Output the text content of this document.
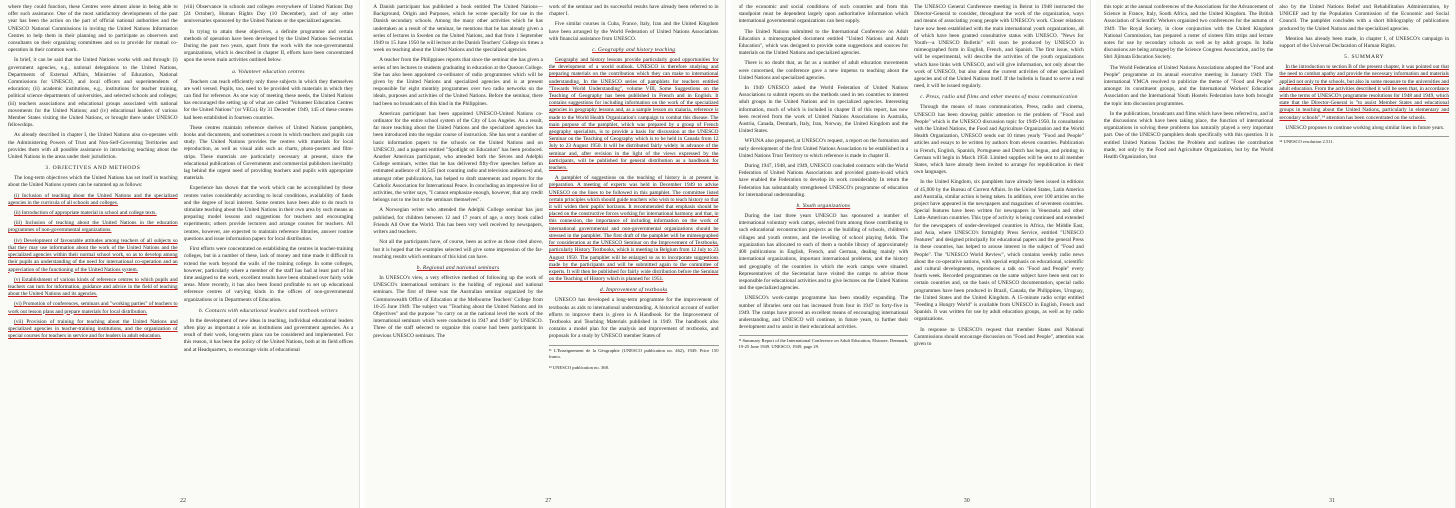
where they could function, these Centres were almost alone in being able to offer such assistance. One of the most satisfactory developments of the past year has been the action on the part of official national authorities and the UNESCO National Commissions in inviting the United Nations Information Centres to help them in their planning and to participate as observers and consultants on their organizing committees and so to provide for mutual co-operation in their common work.

In brief, it can be said that the United Nations works with and through: (i) government agencies, e.g., national delegations to the United Nations, Departments of External Affairs, Ministries of Education, National Commissions for UNESCO, and local officers and superintendents of education; (ii) academic institutions, e.g., institutions for teacher training, political science departments of universities, and selected schools and colleges; (iii) teachers associations and educational groups associated with national movements for the United Nations; and (iv) educational leaders of various Member States visiting the United Nations, or brought there under UNESCO fellowships.

As already described in chapter I, the United Nations also co-operates with the Administering Powers of Trust and Non-Self-Governing Territories and provides them with all possible assistance in introducing teaching about the United Nations in the areas under their jurisdiction.

3. OBJECTIVES AND METHODS

The long-term objectives which the United Nations has set itself in teaching about the United Nations system can be summed up as follows:

(i) Inclusion of teaching about the United Nations and the specialized agencies in the curricula of all schools and colleges.

(ii) Introduction of appropriate material in school and college texts.

(iii) Inclusion of teaching about the United Nations in the education programmes of non-governmental organizations.

(iv) Development of favourable attitudes among teachers of all subjects so that they may use information about the work of the United Nations and the specialized agencies within their normal school work, so as to develop among their pupils an understanding of the need for international co-operation and an appreciation of the functioning of the United Nations system.

(v) Establishment of various kinds of reference centres to which pupils and teachers can turn for information, guidance and advice in the field of teaching about the United Nations and its agencies.

(vi) Promotion of conferences, seminars and "working parties" of teachers to work out lesson plans and prepare materials for local distribution.

(vii) Provision of training for teaching about the United Nations and specialized agencies in teacher-training institutions, and the organization of special courses for teachers in service and for leaders in adult education.

(viii) Observance in schools and colleges everywhere of United Nations Day (24 October), Human Rights Day (10 December), and of any other anniversaries sponsored by the United Nations or the specialized agencies.

In trying to attain these objectives, a definite programme and certain methods of operation have been developed by the United Nations Secretariat. During the past two years, apart from the work with the non-governmental organizations, which is described in chapter II, efforts have been concentrated upon the seven main activities outlined below.

a. Volunteer education centres

Teachers can teach efficiently only those subjects in which they themselves are well versed. Pupils, too, need to be provided with materials in which they can find for reference. As one way of meeting these needs, the United Nations has encouraged the setting up of what are called "Volunteer Education Centres for the United Nations" (or VECs). By 31 December 1949, 145 of these centres had been established in fourteen countries.

These centres maintain reference shelves of United Nations pamphlets, books and documents, and sometimes a room in which teachers and pupils can study. The United Nations provides the centres with materials for local reproduction, as well as visual aids such as charts, photo-posters and film-strips. These materials are particularly necessary at present, since the educational publications of Governments and commercial publishers inevitably lag behind the urgent need of providing teachers and pupils with appropriate materials.

Experience has shown that the work which can be accomplished by these centres varies considerably according to local conditions, availability of funds and the degree of local interest. Some centres have been able to do much to stimulate teaching about the United Nations in their own area by such means as preparing model lessons and suggestions for teachers and encouraging experiments; others provide lecturers and arrange courses for teachers. All centres, however, are expected to maintain reference libraries, answer routine questions and issue information papers for local distribution.

First efforts were concentrated on establishing the centres in teacher-training colleges, but in a number of these, lack of money and time made it difficult to extend the work beyond the walls of the training college. In some colleges, however, particularly where a member of the staff has had at least part of his time assigned to the work, excellent results have been obtained over fairly wide areas. More recently, it has also been found profitable to set up educational reference centres of varying kinds in the offices of non-governmental organizations or in Departments of Education.

b. Contacts with educational leaders and textbook writers

In the development of new ideas in teaching, individual educational leaders often play as important a role as institutions and government agencies. As a result of their work, long-term plans can be considered and implemented. For this reason, it has been the policy of the United Nations, both at its field offices and at Headquarters, to encourage visits of educational

22

A Danish participant has published a book entitled The United Nations—Background, Origin and Purposes, which he wrote specially for use in the Danish secondary schools. Among the many other activities which he has undertaken as a result of the seminar, he mentions that he has already given a series of lectures in Sweden on the United Nations, and that from 1 September 1949 to 15 June 1950 he will lecture at the Danish Teachers' College six times a week on teaching about the United Nations and the specialized agencies.

A teacher from the Philippines reports that since the seminar she has given a series of ten lectures to students graduating in education at the Quezon College. She has also been appointed co-ordinator of radio programmes which will be given by the United Nations and specialized agencies and is at present responsible for eight monthly programmes over two radio networks on the ideals, purposes and activities of the United Nations. Before the seminar, there had been no broadcasts of this kind in the Philippines.

American participant has been appointed UNESCO-United Nations co-ordinator for the entire school system of the City of Los Angeles. As a result, far more teaching about the United Nations and the specialized agencies has been introduced into the regular course of instruction. She has sent a number of basic information papers to the schools on the United Nations and on UNESCO, and a pageant entitled "Spotlight on Education" has been produced. Another American participant, who attended both the Sèvres and Adelphi College seminars, writes that he has delivered fifty-five speeches before an estimated audience of 10,545 (not counting radio and television audiences) and, amongst other publications, has helped to draft statements and reports for the Catholic Association for International Peace. In concluding an impressive list of activities, the writer says, "I cannot emphasize enough, however, that any credit belongs not to me but to the seminars themselves".

A Norwegian writer who attended the Adelphi College seminar has just published, for children between 12 and 17 years of age, a story book called Friends All Over the World. This has been very well received by newspapers, writers and teachers.

Not all the participants have, of course, been as active as those cited above, but it is hoped that the examples selected will give some impression of the far-reaching results which seminars of this kind can have.

b. Regional and national seminars

In UNESCO's view, a very effective method of following up the work of UNESCO's international seminars is the holding of regional and national seminars. The first of these was the Australian seminar organized by the Commonwealth Office of Education at the Melbourne Teachers' College from 10-25 June 1949. The subject was "Teaching about the United Nations and its Objectives" and the purpose "to carry on at the national level the work of the international seminars which were conducted in 1947 and 1948" by UNESCO. Three of the staff selected to organize this course had been participants in previous UNESCO seminars. The

work of the seminar and its successful results have already been referred to in chapter I.

Five similar courses in Cuba, France, Italy, Iran and the United Kingdom have been arranged by the World Federation of United Nations Associations with financial assistance from UNESCO.

c. Geography and history teaching

Geography and history lessons provide particularly good opportunities for the development of a world outlook. UNESCO is therefore studying and preparing materials on the contribution which they can make to international understanding. In the UNESCO series of pamphlets for teachers entitled "Towards World Understanding", volume VIII, Some Suggestions on the Teaching of Geography has been published in French and in English. It contains suggestions for including information on the work of the specialized agencies in geography lessons and, as a sample lesson on malaria, reference is made to the World Health Organization's campaign to combat this disease. The main purpose of the pamphlet, which was prepared by a group of French geography specialists, is to provide a basis for discussion at the UNESCO Seminar on the Teaching of Geography which is to be held in Canada from 12 July to 23 August 1950. It will be distributed fairly widely in advance of the seminar and, after revision in the light of the views expressed by the participants, will be published for general distribution as a handbook for teachers.

A pamphlet of suggestions on the teaching of history is at present in preparation. A meeting of experts was held in December 1949 to advise UNESCO on the lines to be followed in this pamphlet. The committee listed certain principles which should guide teachers who wish to teach history so that it will widen their pupils' horizons. It recommended that emphasis should be placed on the constructive forces working for international harmony and that, in this connexion, the importance of including information on the work of international governmental and non-governmental organizations should be stressed in the pamphlet. The first draft of the pamphlet will be mimeographed for consideration at the UNESCO Seminar on the Improvement of Textbooks, particularly History Textbooks, which is meeting in Belgium from 12 July to 23 August 1950. The pamphlet will be enlarged so as to incorporate suggestions made by the participants and will be submitted again to the committee of experts. It will then be published for fairly wide distribution before the Seminar on the Teaching of History which is planned for 1951.

d. Improvement of textbooks

UNESCO has developed a long-term programme for the improvement of textbooks as aids to international understanding. A historical account of earlier efforts to improve them is given in A Handbook for the Improvement of Textbooks and Teaching Materials published in 1949. The handbook also contains a model plan for the analysis and improvement of textbooks, and proposals for a study by UNESCO member States of

¹¹ L'Enseignement de la Géographie (UNESCO publication no. 462), 1949. Price 150 francs.

¹² UNESCO publication no. 368.

27

of the economic and social conditions of such countries and from this standpoint must be dependent largely upon authoritative information which international governmental organizations can best supply.

The United Nations submitted to the International Conference on Adult Education a mimeographed document entitled "United Nations and Adult Education", which was designed to provide some suggestions and sources for materials on the United Nations and specialized agencies.

There is no doubt that, as far as a number of adult education movements were concerned, the conference gave a new impetus to teaching about the United Nations and specialized agencies.

In 1949 UNESCO asked the World Federation of United Nations Associations to submit reports on the methods used in ten countries to interest adult groups in the United Nations and its specialized agencies. Interesting information, much of which is included in chapter II of this report, has now been received from the work of United Nations Associations in Australia, Austria, Canada, Denmark, Italy, Iran, Norway, the United Kingdom and the United States.

WFUNA also prepared, at UNESCO's request, a report on the formation and early development of the first United Nations Association to be established in a United Nations Trust Territory to which reference is made in chapter II.

During 1947, 1948, and 1949, UNESCO concluded contracts with the World Federation of United Nations Associations and provided grants-in-aid which have enabled the Federation to develop its work considerably. In return the Federation has substantially strengthened UNESCO's programme of education for international understanding.

b. Youth organizations

During the last three years UNESCO has sponsored a number of international voluntary work camps, selected from among those contributing to such educational reconstruction projects as the building of schools, children's villages and youth centres, and the levelling of school playing fields. The organization has allocated to each of them a mobile library of approximately 400 publications in English, French, and German, dealing mainly with international organizations, important international problems, and the history and geography of the countries in which the work camps were situated. Representatives of the Secretariat have visited the camps to advise those responsible for educational activities and to give lectures on the United Nations and the specialized agencies.

UNESCO's work-camps programme has been steadily expanding. The number of libraries sent out has increased from four in 1947 to forty-five in 1949. The camps have proved an excellent means of encouraging international understanding, and UNESCO will continue, in future years, to further their development and to assist in their educational activities.

¹³ Summary Report of the International Conference on Adult Education, Elsinore, Denmark, 19-25 June 1949. UNESCO, 1949, page 29.

The UNESCO General Conference meeting in Beirut in 1948 instructed the Director-General to consider, throughout the work of the organization, ways and means of associating young people with UNESCO's work. Closer relations have now been established with the main international youth organizations, all of which have been granted consultative status with UNESCO. "News for Youth—a UNESCO Bulletin" will soon be produced by UNESCO in mimeographed form in English, French, and Spanish. The first issue, which will be experimental, will describe the activities of the youth organizations which have links with UNESCO, and will give information, not only about the work of UNESCO, but also about the current activities of other specialized agencies and of the United Nations itself. If the bulletin is found to serve a real need, it will be issued regularly.

c. Press, radio and films and other means of mass communication

Through the means of mass communication, Press, radio and cinema, UNESCO has been drawing public attention to the problem of "Food and People" which is the UNESCO discussion topic for 1949-1950. In consultation with the United Nations, the Food and Agriculture Organization and the World Health Organization, UNESCO sends out 10 times yearly "Food and People" articles and essays to be written by authors from eleven countries. Publication in French, English, Spanish, Portuguese and Dutch has begun, and printing in German will begin in March 1950. Limited supplies will be sent to all member States, which have already been invited to arrange for republication in their own languages.

In the United Kingdom, six pamphlets have already been issued in editions of 45,000 by the Bureau of Current Affairs. In the United States, Latin America and Australia, similar action is being taken. In addition, over 100 articles on the project have appeared in the newspapers and magazines of seventeen countries. Special features have been written for newspapers in Venezuela and other Latin-American countries. This type of activity is being continued and extended for the newspapers of under-developed countries in Africa, the Middle East, and Asia, where UNESCO's fortnightly Press Service, entitled "UNESCO Features" and designed principally for educational papers and the general Press in these countries, has helped to arouse interest in the subject of "Food and People". The "UNESCO World Review", which contains weekly radio news about the co-operative nations, with special emphasis on educational, scientific and cultural developments, reproduces a talk on "Food and People" every fourth week. Recorded programmes on the same subject have been sent out to certain countries and, on the basis of UNESCO documentation, special radio programmes have been produced in Brazil, Canada, the Philippines, Uruguay, the United States and the United Kingdom. A 15-minute radio script entitled "Feeding a Hungry World" is available from UNESCO in English, French and Spanish. It was written for use by adult education groups, as well as by radio organizations.

In response to UNESCO's request that member States and National Commissions should encourage discussion on "Food and People", attention was given to

30

this topic at the annual conferences of the Associations for the Advancement of Science in France, Italy, South Africa, and the United Kingdom. The British Association of Scientific Workers organized two conferences for the autumn of 1949. The Royal Society, in close conjunction with the United Kingdom National Commission, has prepared a roster of sixteen film strips and lecture notes for use by secondary schools as well as by adult groups. In India discussions are being arranged by the Science Congress Association, and by the Shri Jijimata Education Society.

The World Federation of United Nations Associations adopted the "Food and People" programme at its annual executive meeting in January 1949. The international YMCA resolved to publicize the theme of "Food and People" amongst its constituent groups, and the International Workers' Education Association and the International Youth Hostels Federation have both brought the topic into discussion programmes.

In the publications, broadcasts and films which have been referred to, and in the discussions which have been taking place, the function of international organizations in solving these problems has naturally played a very important part. One of the UNESCO pamphlets deals specifically with this question. It is entitled United Nations Tackles the Problem and outlines the contribution made, not only by the Food and Agriculture Organization, but by the World Health Organization, but

also by the United Nations Relief and Rehabilitation Administration, by UNICEF and by the Population Commission of the Economic and Social Council. The pamphlet concludes with a short bibliography of publications produced by the United Nations and the specialized agencies.

Mention has already been made, in chapter I, of UNESCO's campaign in support of the Universal Declaration of Human Rights.

5. SUMMARY

In the introduction to section B of the present chapter, it was pointed out that the need to combat apathy and provide the necessary information and materials applied not only to the schools, but also in some measure to the universities and adult education. From the activities described it will be seen that, in accordance with the terms of UNESCO's programme resolutions for 1948 and 1949, which state that the Director-General is "to assist Member States and educational groups in teaching about the United Nations, particularly in elementary and secondary schools",¹⁴ attention has been concentrated on the schools.

UNESCO proposes to continue working along similar lines in future years.

¹⁴ UNESCO resolution 2.511.

31
